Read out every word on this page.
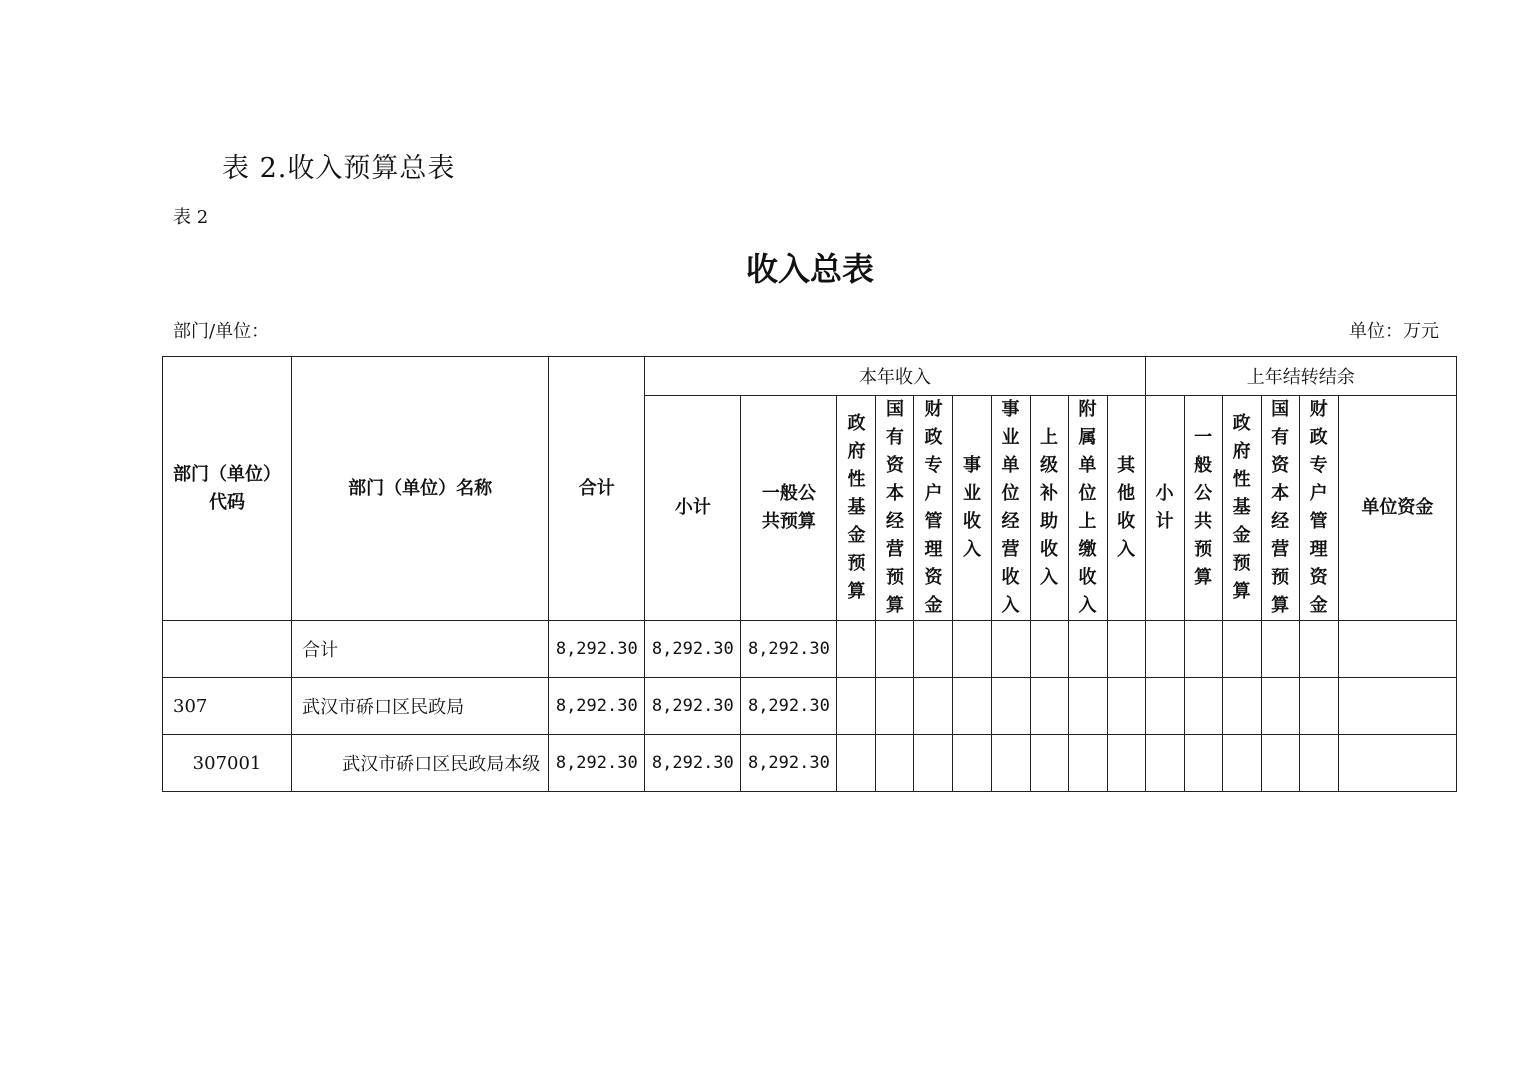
表 2.收入预算总表
表 2
收入总表
部门/单位：	单位：万元
部门（单位）代码	部门（单位）名称	合计	本年收入										上年结转结余					
			小计	一般公共预算	政府性基金预算	国有资本经营预算	财政专户管理资金	事业收入	事业单位经营收入	上级补助收入	附属单位上缴收入	其他收入	小计	一般公共预算	政府性基金预算	国有资本经营预算	财政专户管理资金	单位资金
	合计	8,292.30	8,292.30	8,292.30														
307	武汉市硚口区民政局	8,292.30	8,292.30	8,292.30														
307001	武汉市硚口区民政局本级	8,292.30	8,292.30	8,292.30														
